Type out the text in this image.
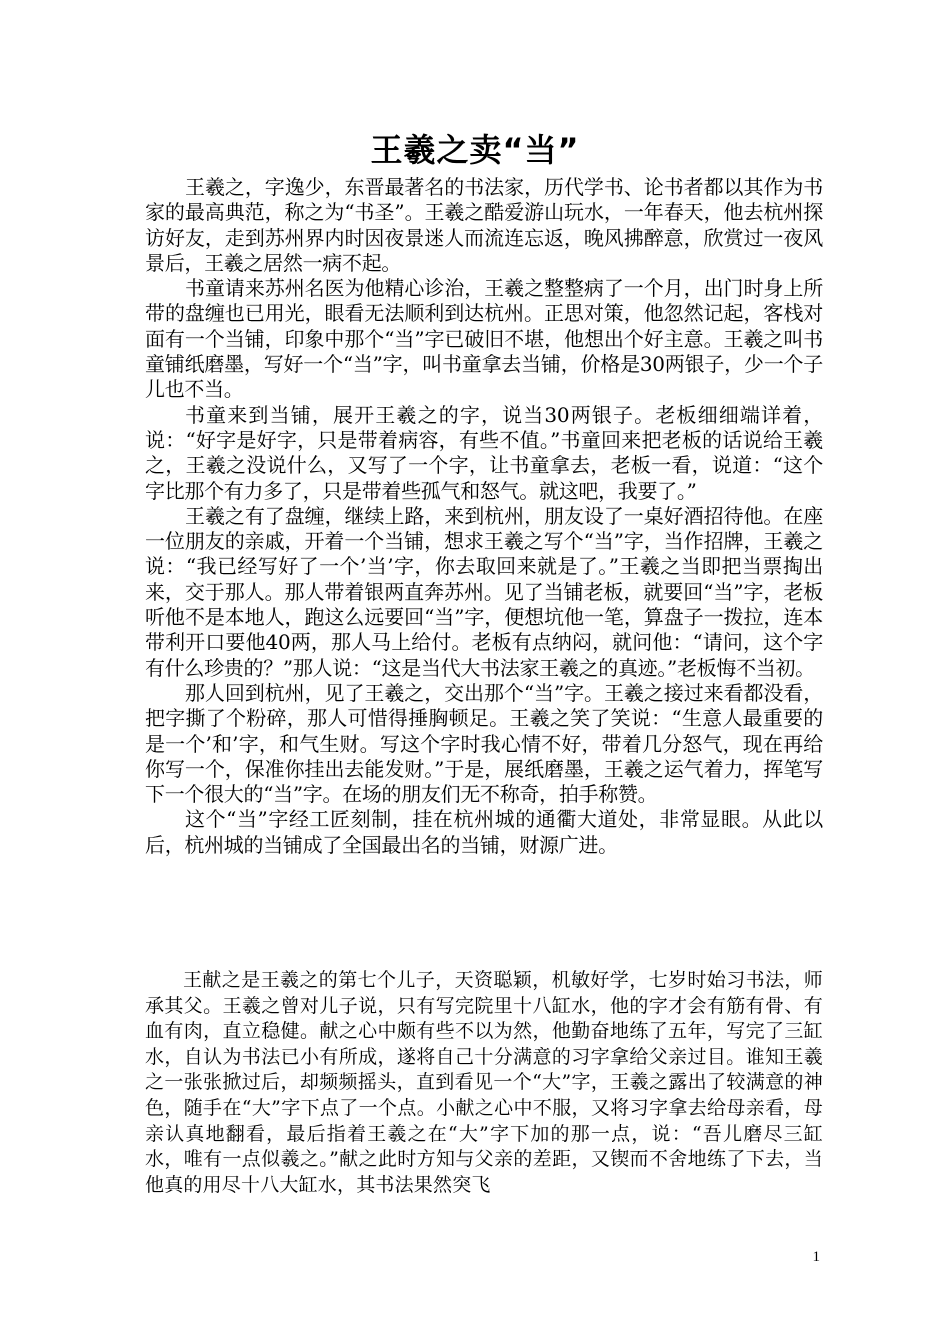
王羲之卖“当”

王羲之，字逸少，东晋最著名的书法家，历代学书、论书者都以其作为书家的最高典范，称之为“书圣”。王羲之酷爱游山玩水，一年春天，他去杭州探访好友，走到苏州界内时因夜景迷人而流连忘返，晚风拂醉意，欣赏过一夜风景后，王羲之居然一病不起。

书童请来苏州名医为他精心诊治，王羲之整整病了一个月，出门时身上所带的盘缠也已用光，眼看无法顺利到达杭州。正思对策，他忽然记起，客栈对面有一个当铺，印象中那个“当”字已破旧不堪，他想出个好主意。王羲之叫书童铺纸磨墨，写好一个“当”字，叫书童拿去当铺，价格是30两银子，少一个子儿也不当。

书童来到当铺，展开王羲之的字，说当30两银子。老板细细端详着，说：“好字是好字，只是带着病容，有些不值。”书童回来把老板的话说给王羲之，王羲之没说什么，又写了一个字，让书童拿去，老板一看，说道：“这个字比那个有力多了，只是带着些孤气和怒气。就这吧，我要了。”

王羲之有了盘缠，继续上路，来到杭州，朋友设了一桌好酒招待他。在座一位朋友的亲戚，开着一个当铺，想求王羲之写个“当”字，当作招牌，王羲之说：“我已经写好了一个’当’字，你去取回来就是了。”王羲之当即把当票掏出来，交于那人。那人带着银两直奔苏州。见了当铺老板，就要回“当”字，老板听他不是本地人，跑这么远要回“当”字，便想坑他一笔，算盘子一拨拉，连本带利开口要他40两，那人马上给付。老板有点纳闷，就问他：“请问，这个字有什么珍贵的？”那人说：“这是当代大书法家王羲之的真迹。”老板悔不当初。

那人回到杭州，见了王羲之，交出那个“当”字。王羲之接过来看都没看，把字撕了个粉碎，那人可惜得捶胸顿足。王羲之笑了笑说：“生意人最重要的是一个’和’字，和气生财。写这个字时我心情不好，带着几分怒气，现在再给你写一个，保准你挂出去能发财。”于是，展纸磨墨，王羲之运气着力，挥笔写下一个很大的“当”字。在场的朋友们无不称奇，拍手称赞。

这个“当”字经工匠刻制，挂在杭州城的通衢大道处，非常显眼。从此以后，杭州城的当铺成了全国最出名的当铺，财源广进。

王献之是王羲之的第七个儿子，天资聪颖，机敏好学，七岁时始习书法，师承其父。王羲之曾对儿子说，只有写完院里十八缸水，他的字才会有筋有骨、有血有肉，直立稳健。献之心中颇有些不以为然，他勤奋地练了五年，写完了三缸水，自认为书法已小有所成，遂将自己十分满意的习字拿给父亲过目。谁知王羲之一张张掀过后，却频频摇头，直到看见一个“大”字，王羲之露出了较满意的神色，随手在“大”字下点了一个点。小献之心中不服，又将习字拿去给母亲看，母亲认真地翻看，最后指着王羲之在“大”字下加的那一点，说：“吾儿磨尽三缸水，唯有一点似羲之。”献之此时方知与父亲的差距，又锲而不舍地练了下去，当他真的用尽十八大缸水，其书法果然突飞

1
